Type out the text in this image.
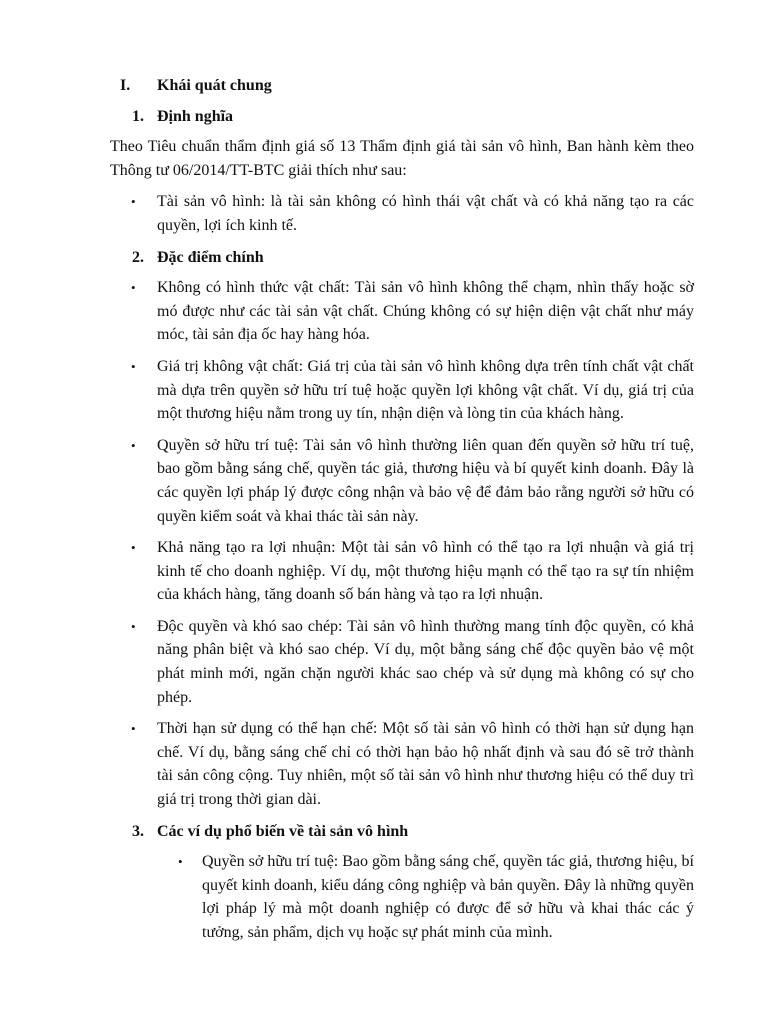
I. Khái quát chung
1. Định nghĩa
Theo Tiêu chuẩn thẩm định giá số 13 Thẩm định giá tài sản vô hình, Ban hành kèm theo Thông tư 06/2014/TT-BTC giải thích như sau:
• Tài sản vô hình: là tài sản không có hình thái vật chất và có khả năng tạo ra các quyền, lợi ích kinh tế.
2. Đặc điểm chính
• Không có hình thức vật chất: Tài sản vô hình không thể chạm, nhìn thấy hoặc sờ mó được như các tài sản vật chất. Chúng không có sự hiện diện vật chất như máy móc, tài sản địa ốc hay hàng hóa.
• Giá trị không vật chất: Giá trị của tài sản vô hình không dựa trên tính chất vật chất mà dựa trên quyền sở hữu trí tuệ hoặc quyền lợi không vật chất. Ví dụ, giá trị của một thương hiệu nằm trong uy tín, nhận diện và lòng tin của khách hàng.
• Quyền sở hữu trí tuệ: Tài sản vô hình thường liên quan đến quyền sở hữu trí tuệ, bao gồm bằng sáng chế, quyền tác giả, thương hiệu và bí quyết kinh doanh. Đây là các quyền lợi pháp lý được công nhận và bảo vệ để đảm bảo rằng người sở hữu có quyền kiểm soát và khai thác tài sản này.
• Khả năng tạo ra lợi nhuận: Một tài sản vô hình có thể tạo ra lợi nhuận và giá trị kinh tế cho doanh nghiệp. Ví dụ, một thương hiệu mạnh có thể tạo ra sự tín nhiệm của khách hàng, tăng doanh số bán hàng và tạo ra lợi nhuận.
• Độc quyền và khó sao chép: Tài sản vô hình thường mang tính độc quyền, có khả năng phân biệt và khó sao chép. Ví dụ, một bằng sáng chế độc quyền bảo vệ một phát minh mới, ngăn chặn người khác sao chép và sử dụng mà không có sự cho phép.
• Thời hạn sử dụng có thể hạn chế: Một số tài sản vô hình có thời hạn sử dụng hạn chế. Ví dụ, bằng sáng chế chỉ có thời hạn bảo hộ nhất định và sau đó sẽ trở thành tài sản công cộng. Tuy nhiên, một số tài sản vô hình như thương hiệu có thể duy trì giá trị trong thời gian dài.
3. Các ví dụ phổ biến về tài sản vô hình
• Quyền sở hữu trí tuệ: Bao gồm bằng sáng chế, quyền tác giả, thương hiệu, bí quyết kinh doanh, kiểu dáng công nghiệp và bản quyền. Đây là những quyền lợi pháp lý mà một doanh nghiệp có được để sở hữu và khai thác các ý tưởng, sản phẩm, dịch vụ hoặc sự phát minh của mình.
